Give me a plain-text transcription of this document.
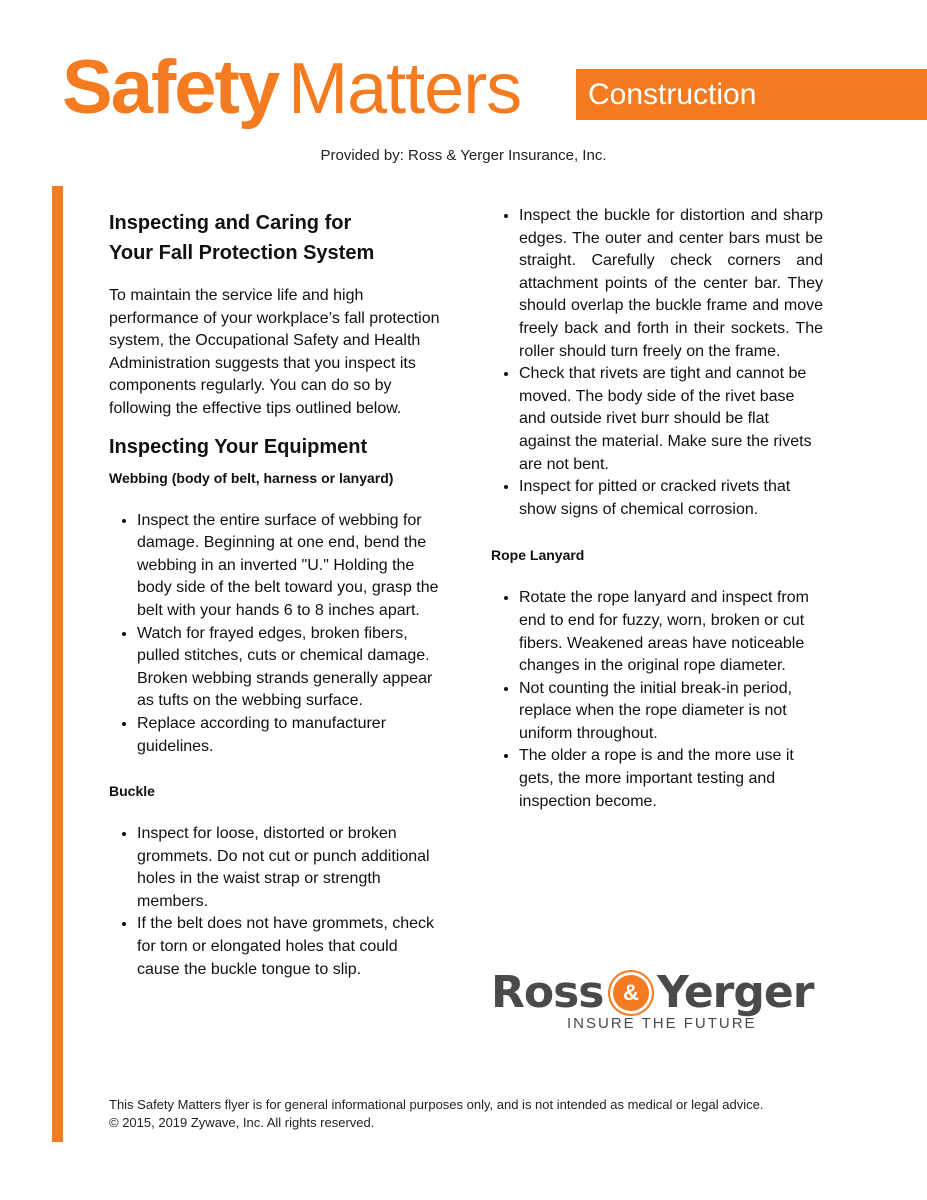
Safety Matters	Construction
Provided by: Ross & Yerger Insurance, Inc.
Inspecting and Caring for
Your Fall Protection System

To maintain the service life and high performance of your workplace’s fall protection system, the Occupational Safety and Health Administration suggests that you inspect its components regularly. You can do so by following the effective tips outlined below.

Inspecting Your Equipment
Webbing (body of belt, harness or lanyard)
• Inspect the entire surface of webbing for damage. Beginning at one end, bend the webbing in an inverted "U." Holding the body side of the belt toward you, grasp the belt with your hands 6 to 8 inches apart.
• Watch for frayed edges, broken fibers, pulled stitches, cuts or chemical damage. Broken webbing strands generally appear as tufts on the webbing surface.
• Replace according to manufacturer guidelines.
Buckle
• Inspect for loose, distorted or broken grommets. Do not cut or punch additional holes in the waist strap or strength members.
• If the belt does not have grommets, check for torn or elongated holes that could cause the buckle tongue to slip.
• Inspect the buckle for distortion and sharp edges. The outer and center bars must be straight. Carefully check corners and attachment points of the center bar. They should overlap the buckle frame and move freely back and forth in their sockets. The roller should turn freely on the frame.
• Check that rivets are tight and cannot be moved. The body side of the rivet base and outside rivet burr should be flat against the material. Make sure the rivets are not bent.
• Inspect for pitted or cracked rivets that show signs of chemical corrosion.
Rope Lanyard
• Rotate the rope lanyard and inspect from end to end for fuzzy, worn, broken or cut fibers. Weakened areas have noticeable changes in the original rope diameter.
• Not counting the initial break-in period, replace when the rope diameter is not uniform throughout.
• The older a rope is and the more use it gets, the more important testing and inspection become.
Ross & Yerger
INSURE THE FUTURE
This Safety Matters flyer is for general informational purposes only, and is not intended as medical or legal advice.
© 2015, 2019 Zywave, Inc. All rights reserved.
